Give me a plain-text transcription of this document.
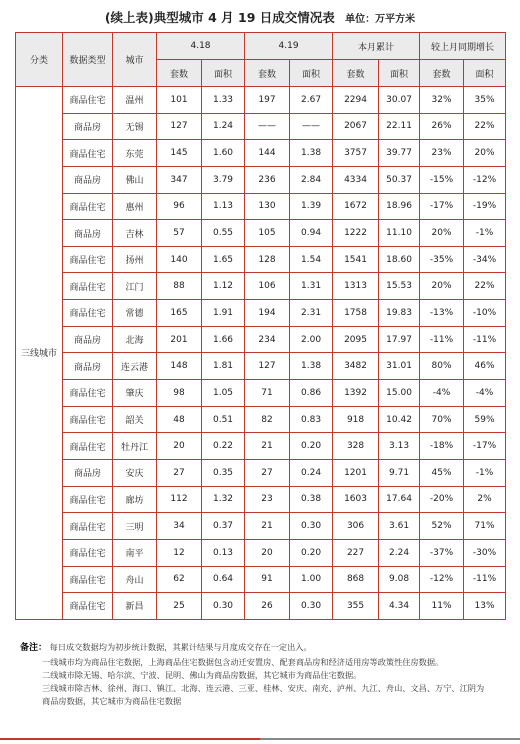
(续上表)典型城市 4 月 19 日成交情况表 单位：万平方米
分类	数据类型	城市	4.18		4.19		本月累计		较上月同期增长	
			套数	面积	套数	面积	套数	面积	套数	面积
三线城市	商品住宅	温州	101	1.33	197	2.67	2294	30.07	32%	35%
	商品房	无锡	127	1.24	——	——	2067	22.11	26%	22%
	商品住宅	东莞	145	1.60	144	1.38	3757	39.77	23%	20%
	商品房	佛山	347	3.79	236	2.84	4334	50.37	-15%	-12%
	商品住宅	惠州	96	1.13	130	1.39	1672	18.96	-17%	-19%
	商品房	吉林	57	0.55	105	0.94	1222	11.10	20%	-1%
	商品住宅	扬州	140	1.65	128	1.54	1541	18.60	-35%	-34%
	商品住宅	江门	88	1.12	106	1.31	1313	15.53	20%	22%
	商品住宅	常德	165	1.91	194	2.31	1758	19.83	-13%	-10%
	商品房	北海	201	1.66	234	2.00	2095	17.97	-11%	-11%
	商品房	连云港	148	1.81	127	1.38	3482	31.01	80%	46%
	商品住宅	肇庆	98	1.05	71	0.86	1392	15.00	-4%	-4%
	商品住宅	韶关	48	0.51	82	0.83	918	10.42	70%	59%
	商品住宅	牡丹江	20	0.22	21	0.20	328	3.13	-18%	-17%
	商品房	安庆	27	0.35	27	0.24	1201	9.71	45%	-1%
	商品住宅	廊坊	112	1.32	23	0.38	1603	17.64	-20%	2%
	商品住宅	三明	34	0.37	21	0.30	306	3.61	52%	71%
	商品住宅	南平	12	0.13	20	0.20	227	2.24	-37%	-30%
	商品住宅	舟山	62	0.64	91	1.00	868	9.08	-12%	-11%
	商品住宅	新昌	25	0.30	26	0.30	355	4.34	11%	13%
备注： 每日成交数据均为初步统计数据，其累计结果与月度成交存在一定出入。
一线城市均为商品住宅数据，上海商品住宅数据包含动迁安置房、配套商品房和经济适用房等政策性住房数据。
二线城市除无锡、哈尔滨、宁波、昆明、佛山为商品房数据，其它城市为商品住宅数据。
三线城市除吉林、徐州、海口、镇江、北海、连云港、三亚、桂林、安庆、南充、泸州、九江、舟山、文昌、万宁、江阴为
商品房数据，其它城市为商品住宅数据
